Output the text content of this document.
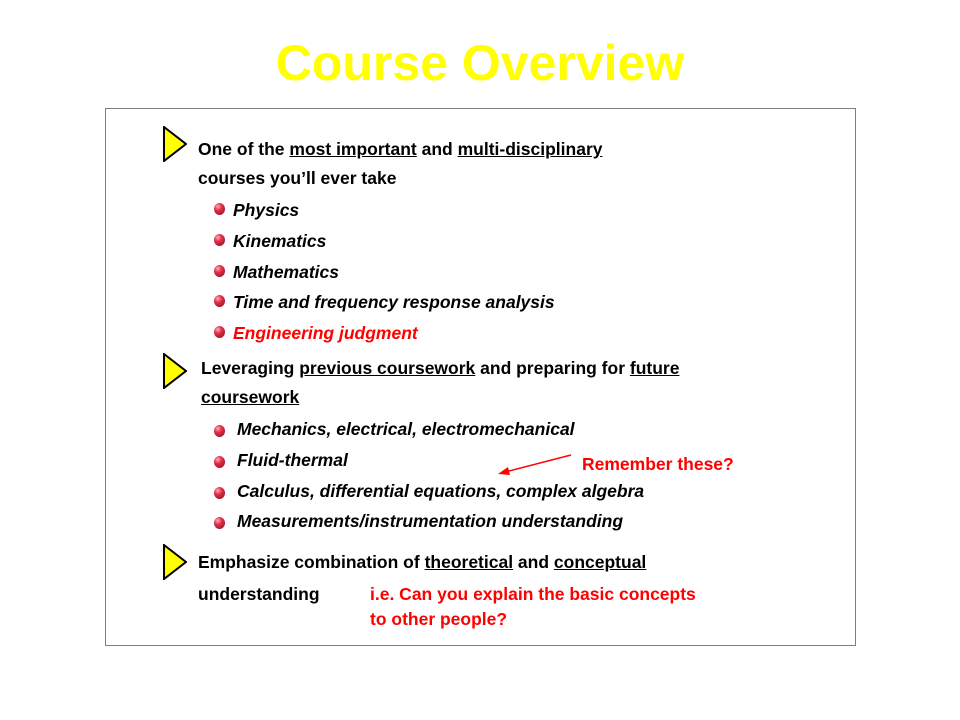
Course Overview
One of the most important and multi-disciplinary
courses you’ll ever take
Physics
Kinematics
Mathematics
Time and frequency response analysis
Engineering judgment
Leveraging previous coursework and preparing for future
coursework
Mechanics, electrical, electromechanical
Fluid-thermal
Calculus, differential equations, complex algebra
Measurements/instrumentation understanding
Remember these?
Emphasize combination of theoretical and conceptual
understanding	i.e. Can you explain the basic concepts
to other people?
